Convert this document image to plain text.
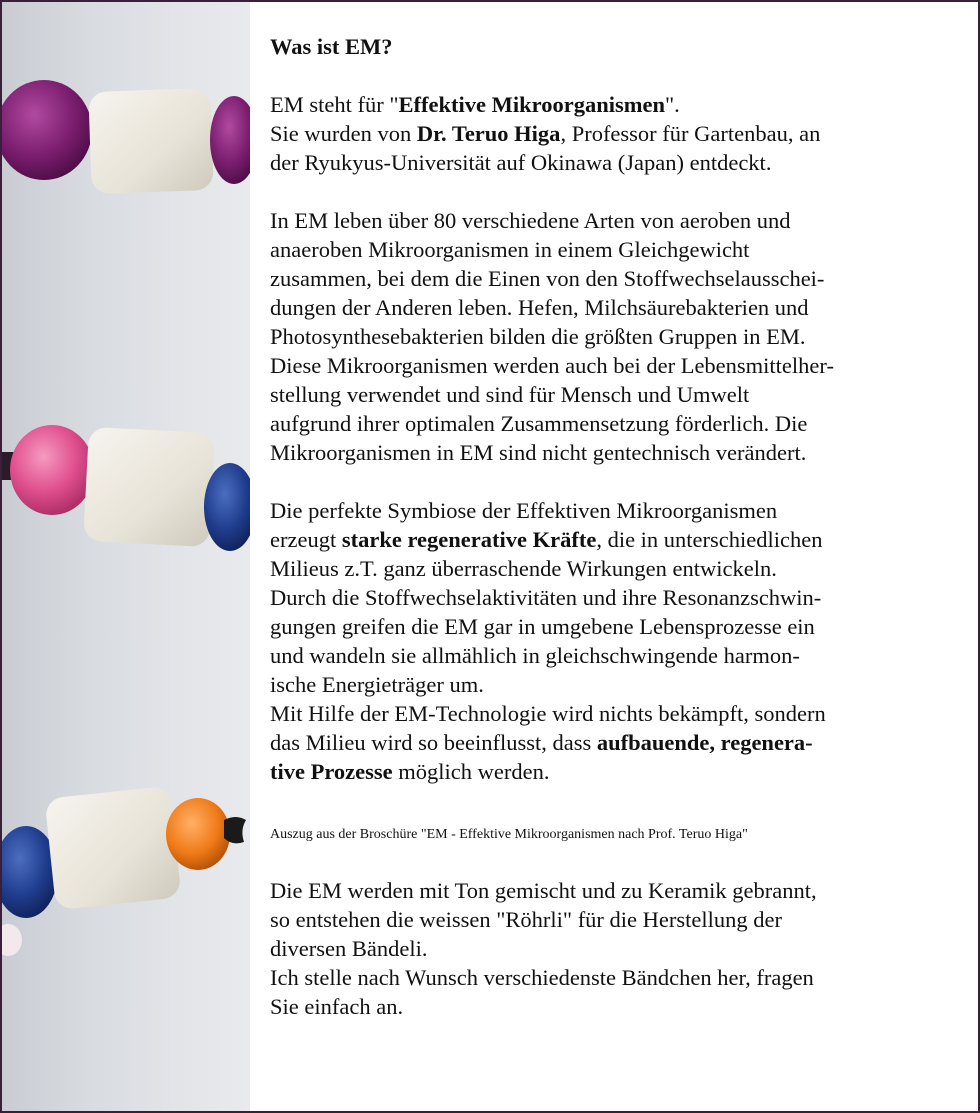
Was ist EM?

EM steht für "Effektive Mikroorganismen".
Sie wurden von Dr. Teruo Higa, Professor für Gartenbau, an
der Ryukyus-Universität auf Okinawa (Japan) entdeckt.

In EM leben über 80 verschiedene Arten von aeroben und
anaeroben Mikroorganismen in einem Gleichgewicht
zusammen, bei dem die Einen von den Stoffwechselausschei-
dungen der Anderen leben. Hefen, Milchsäurebakterien und
Photosynthesebakterien bilden die größten Gruppen in EM.
Diese Mikroorganismen werden auch bei der Lebensmittelher-
stellung verwendet und sind für Mensch und Umwelt
aufgrund ihrer optimalen Zusammensetzung förderlich. Die
Mikroorganismen in EM sind nicht gentechnisch verändert.

Die perfekte Symbiose der Effektiven Mikroorganismen
erzeugt starke regenerative Kräfte, die in unterschiedlichen
Milieus z.T. ganz überraschende Wirkungen entwickeln.
Durch die Stoffwechselaktivitäten und ihre Resonanzschwin-
gungen greifen die EM gar in umgebene Lebensprozesse ein
und wandeln sie allmählich in gleichschwingende harmon-
ische Energieträger um.
Mit Hilfe der EM-Technologie wird nichts bekämpft, sondern
das Milieu wird so beeinflusst, dass aufbauende, regenera-
tive Prozesse möglich werden.

Auszug aus der Broschüre "EM - Effektive Mikroorganismen nach Prof. Teruo Higa"

Die EM werden mit Ton gemischt und zu Keramik gebrannt,
so entstehen die weissen "Röhrli" für die Herstellung der
diversen Bändeli.
Ich stelle nach Wunsch verschiedenste Bändchen her, fragen
Sie einfach an.
